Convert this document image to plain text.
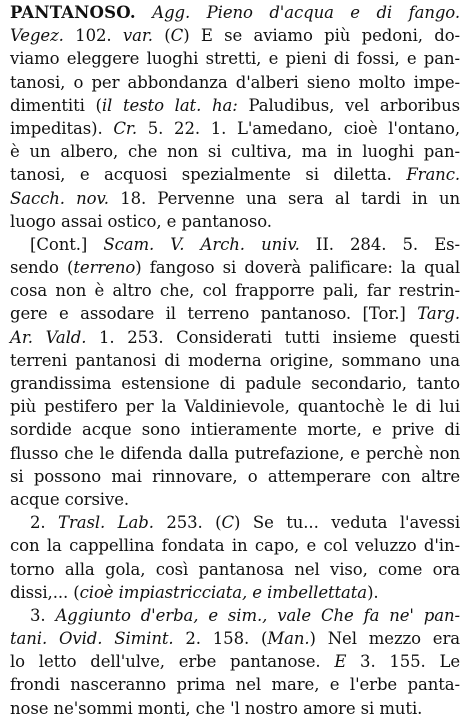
PANTANOSO. Agg. Pieno d'acqua e di fango.
Vegez. 102. var. (C) E se aviamo più pedoni, do-
viamo eleggere luoghi stretti, e pieni di fossi, e pan-
tanosi, o per abbondanza d'alberi sieno molto impe-
dimentiti (il testo lat. ha: Paludibus, vel arboribus
impeditas). Cr. 5. 22. 1. L'amedano, cioè l'ontano,
è un albero, che non si cultiva, ma in luoghi pan-
tanosi, e acquosi spezialmente si diletta. Franc.
Sacch. nov. 18. Pervenne una sera al tardi in un
luogo assai ostico, e pantanoso.
[Cont.] Scam. V. Arch. univ. II. 284. 5. Es-
sendo (terreno) fangoso si doverà palificare: la qual
cosa non è altro che, col frapporre pali, far restrin-
gere e assodare il terreno pantanoso. [Tor.] Targ.
Ar. Vald. 1. 253. Considerati tutti insieme questi
terreni pantanosi di moderna origine, sommano una
grandissima estensione di padule secondario, tanto
più pestifero per la Valdinievole, quantochè le di lui
sordide acque sono intieramente morte, e prive di
flusso che le difenda dalla putrefazione, e perchè non
si possono mai rinnovare, o attemperare con altre
acque corsive.
2. Trasl. Lab. 253. (C) Se tu... veduta l'avessi
con la cappellina fondata in capo, e col veluzzo d'in-
torno alla gola, così pantanosa nel viso, come ora
dissi,... (cioè impiastricciata, e imbellettata).
3. Aggiunto d'erba, e sim., vale Che fa ne' pan-
tani. Ovid. Simint. 2. 158. (Man.) Nel mezzo era
lo letto dell'ulve, erbe pantanose. E 3. 155. Le
frondi nasceranno prima nel mare, e l'erbe panta-
nose ne'sommi monti, che 'l nostro amore si muti.
